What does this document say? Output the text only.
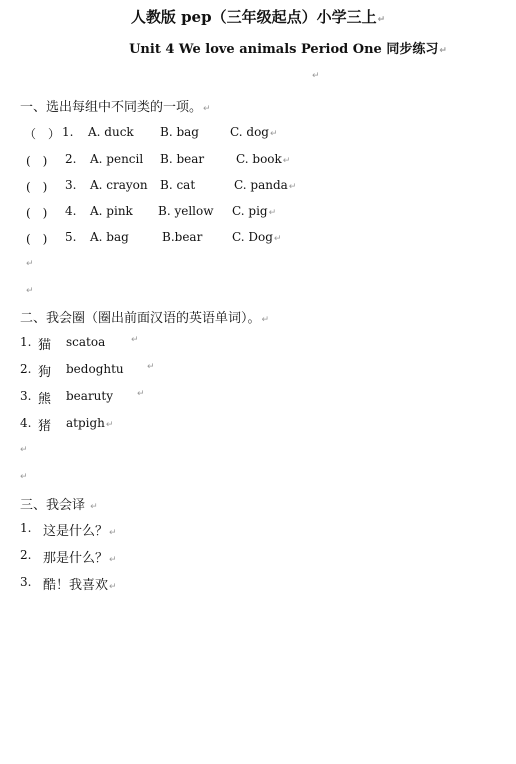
人教版 pep（三年级起点）小学三上↵
Unit 4 We love animals Period One 同步练习↵
↵
一、选出每组中不同类的一项。↵
（　） 1. A. duck B. bag	C. dog↵
(　) 2. A. pencil B. bear	C. book↵
(　) 3. A. crayon B. cat	C. panda↵
(　) 4. A. pink B. yellow C. pig↵
(　) 5. A. bag	B.bear C. Dog↵
↵
↵
二、我会圈（圈出前面汉语的英语单词）。↵
1. 猫 scatoa	↵
2. 狗 bedoghtu	↵
3. 熊 bearuty	↵
4. 猪 atpigh↵
↵
↵
三、我会译 ↵
1. 这是什么？↵
2. 那是什么？↵
3. 酷！我喜欢↵
